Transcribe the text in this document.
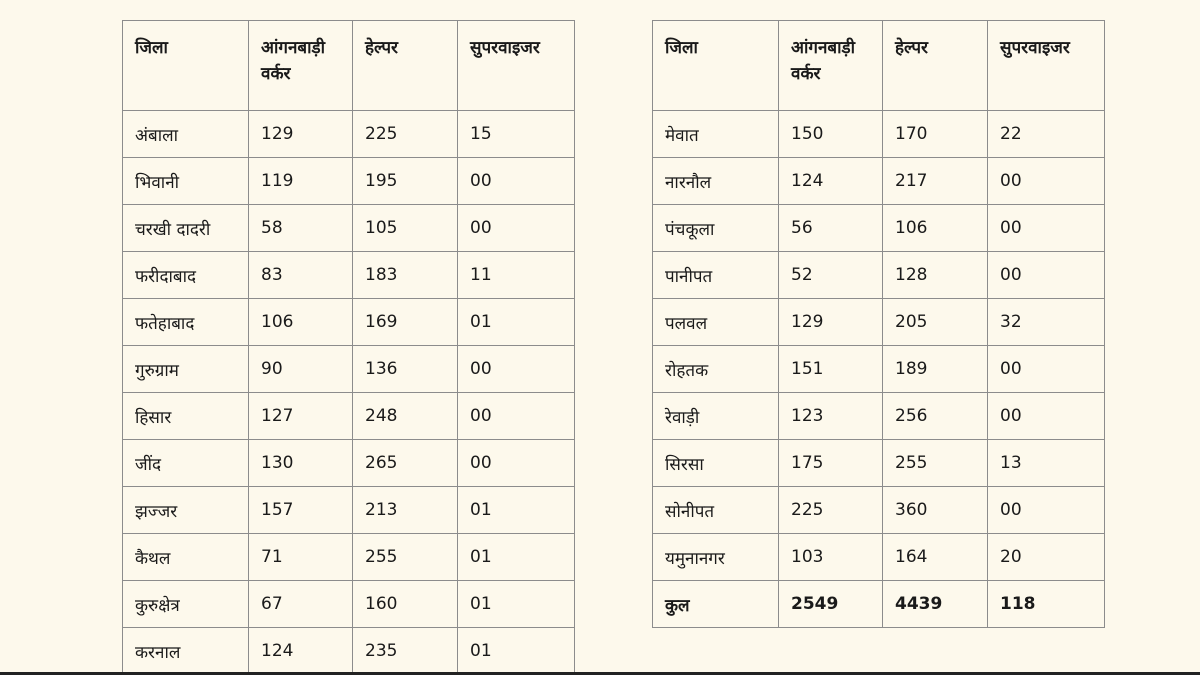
जिला	आंगनबाड़ी वर्कर	हेल्पर	सुपरवाइजर
अंबाला	129	225	15
भिवानी	119	195	00
चरखी दादरी	58	105	00
फरीदाबाद	83	183	11
फतेहाबाद	106	169	01
गुरुग्राम	90	136	00
हिसार	127	248	00
जींद	130	265	00
झज्जर	157	213	01
कैथल	71	255	01
कुरुक्षेत्र	67	160	01
करनाल	124	235	01
जिला	आंगनबाड़ी वर्कर	हेल्पर	सुपरवाइजर
मेवात	150	170	22
नारनौल	124	217	00
पंचकूला	56	106	00
पानीपत	52	128	00
पलवल	129	205	32
रोहतक	151	189	00
रेवाड़ी	123	256	00
सिरसा	175	255	13
सोनीपत	225	360	00
यमुनानगर	103	164	20
कुल	2549	4439	118
